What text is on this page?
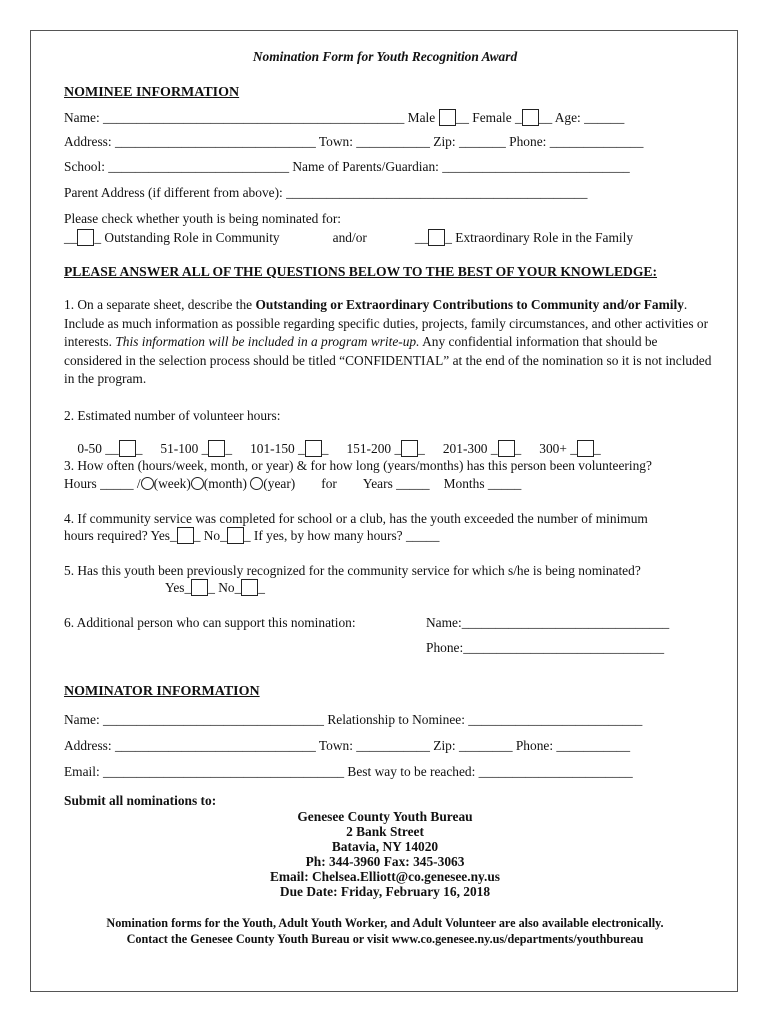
Nomination Form for Youth Recognition Award
NOMINEE INFORMATION
Name: _____________________________________________ Male __ Female _ __ Age: ______
Address: ______________________________ Town: ___________ Zip: _______ Phone: ______________
School: ___________________________ Name of Parents/Guardian: ____________________________
Parent Address (if different from above): _____________________________________________
Please check whether youth is being nominated for:
__ _ Outstanding Role in Community	and/or	__ _ Extraordinary Role in the Family
PLEASE ANSWER ALL OF THE QUESTIONS BELOW TO THE BEST OF YOUR KNOWLEDGE:
1. On a separate sheet, describe the Outstanding or Extraordinary Contributions to Community and/or Family. Include as much information as possible regarding specific duties, projects, family circumstances, and other activities or interests. This information will be included in a program write-up. Any confidential information that should be considered in the selection process should be titled “CONFIDENTIAL” at the end of the nomination so it is not included in the program.
2. Estimated number of volunteer hours:

0-50 __ _ 51-100 _ _ 101-150 _ _ 151-200 _ _ 201-300 _ _ 300+ _ _

3. How often (hours/week, month, or year) & for how long (years/months) has this person been volunteering?
Hours _____ / (week) (month) (year) for Years _____ Months _____
4. If community service was completed for school or a club, has the youth exceeded the number of minimum
hours required? Yes_ _ No_ _ If yes, by how many hours? _____
5. Has this youth been previously recognized for the community service for which s/he is being nominated?
Yes_ _ No_ _
6. Additional person who can support this nomination:	Name:_______________________________
Phone:______________________________
NOMINATOR INFORMATION
Name: _________________________________ Relationship to Nominee: __________________________
Address: ______________________________ Town: ___________ Zip: ________ Phone: ___________
Email: ____________________________________ Best way to be reached: _______________________
Submit all nominations to:
Genesee County Youth Bureau
2 Bank Street
Batavia, NY 14020
Ph: 344-3960 Fax: 345-3063
Email: Chelsea.Elliott@co.genesee.ny.us
Due Date: Friday, February 16, 2018
Nomination forms for the Youth, Adult Youth Worker, and Adult Volunteer are also available electronically.
Contact the Genesee County Youth Bureau or visit www.co.genesee.ny.us/departments/youthbureau
